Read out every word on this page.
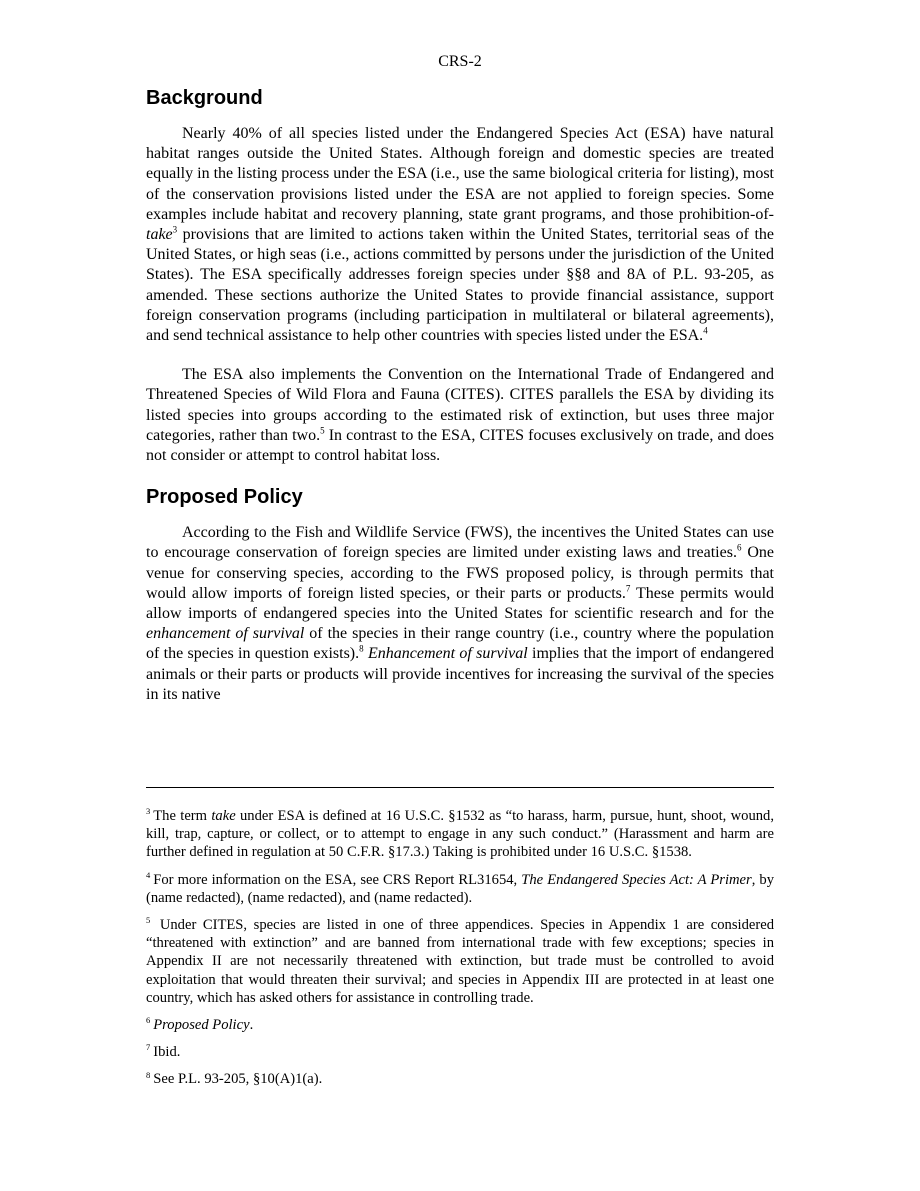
CRS-2
Background

Nearly 40% of all species listed under the Endangered Species Act (ESA) have natural habitat ranges outside the United States. Although foreign and domestic species are treated equally in the listing process under the ESA (i.e., use the same biological criteria for listing), most of the conservation provisions listed under the ESA are not applied to foreign species. Some examples include habitat and recovery planning, state grant programs, and those prohibition-of-take$^3$ provisions that are limited to actions taken within the United States, territorial seas of the United States, or high seas (i.e., actions committed by persons under the jurisdiction of the United States). The ESA specifically addresses foreign species under §§8 and 8A of P.L. 93-205, as amended. These sections authorize the United States to provide financial assistance, support foreign conservation programs (including participation in multilateral or bilateral agreements), and send technical assistance to help other countries with species listed under the ESA.$^4$

The ESA also implements the Convention on the International Trade of Endangered and Threatened Species of Wild Flora and Fauna (CITES). CITES parallels the ESA by dividing its listed species into groups according to the estimated risk of extinction, but uses three major categories, rather than two.$^5$ In contrast to the ESA, CITES focuses exclusively on trade, and does not consider or attempt to control habitat loss.

Proposed Policy

According to the Fish and Wildlife Service (FWS), the incentives the United States can use to encourage conservation of foreign species are limited under existing laws and treaties.$^6$ One venue for conserving species, according to the FWS proposed policy, is through permits that would allow imports of foreign listed species, or their parts or products.$^7$ These permits would allow imports of endangered species into the United States for scientific research and for the enhancement of survival of the species in their range country (i.e., country where the population of the species in question exists).$^8$ Enhancement of survival implies that the import of endangered animals or their parts or products will provide incentives for increasing the survival of the species in its native

$^3$ The term take under ESA is defined at 16 U.S.C. §1532 as “to harass, harm, pursue, hunt, shoot, wound, kill, trap, capture, or collect, or to attempt to engage in any such conduct.” (Harassment and harm are further defined in regulation at 50 C.F.R. §17.3.) Taking is prohibited under 16 U.S.C. §1538.

$^4$ For more information on the ESA, see CRS Report RL31654, The Endangered Species Act: A Primer, by (name redacted), (name redacted), and (name redacted).

$^5$ Under CITES, species are listed in one of three appendices. Species in Appendix 1 are considered “threatened with extinction” and are banned from international trade with few exceptions; species in Appendix II are not necessarily threatened with extinction, but trade must be controlled to avoid exploitation that would threaten their survival; and species in Appendix III are protected in at least one country, which has asked others for assistance in controlling trade.

$^6$ Proposed Policy.

$^7$ Ibid.

$^8$ See P.L. 93-205, §10(A)1(a).
